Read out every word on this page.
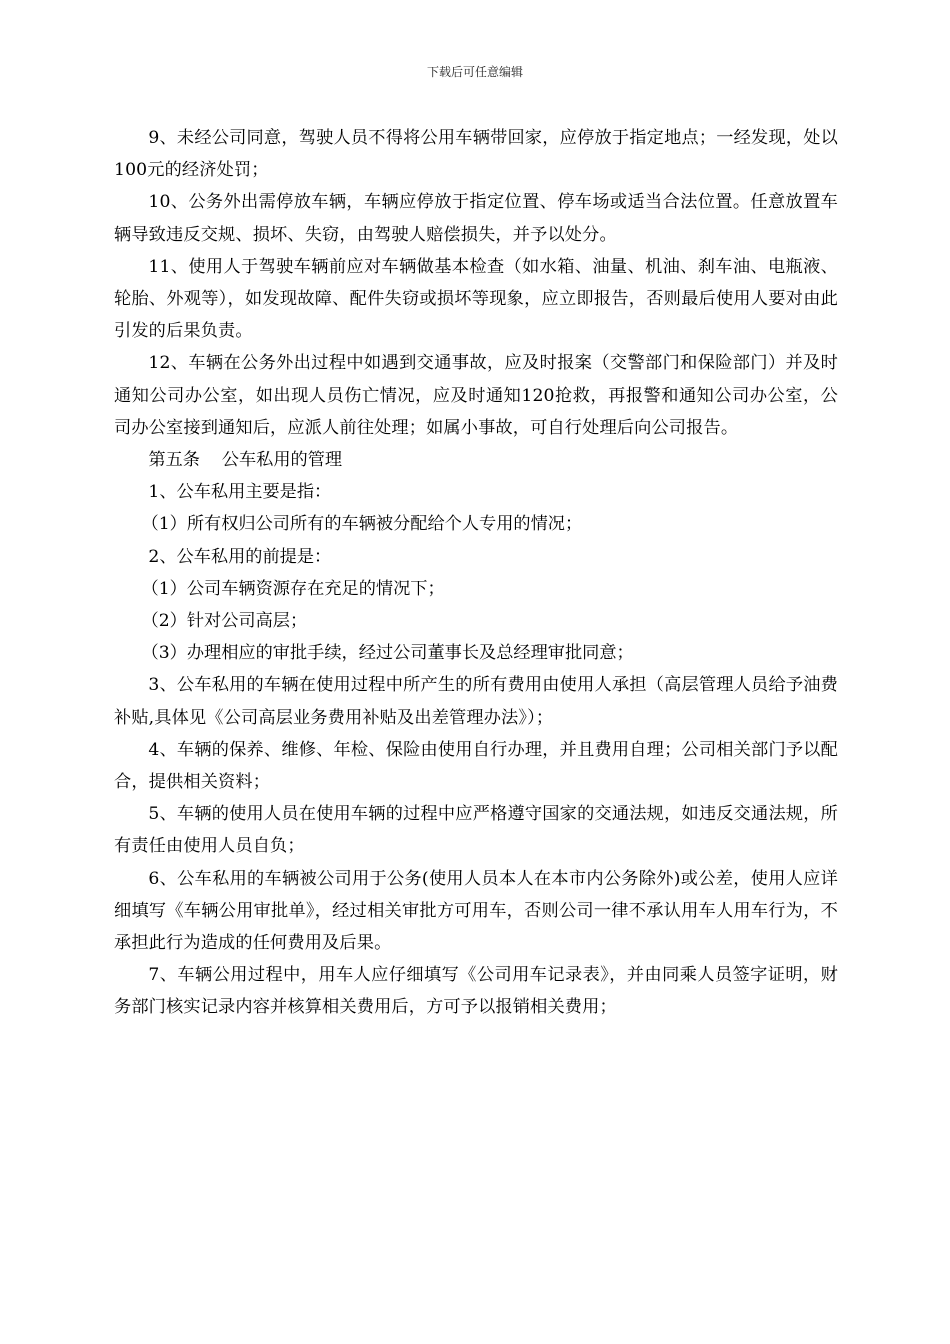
下载后可任意编辑

9、未经公司同意，驾驶人员不得将公用车辆带回家，应停放于指定地点；一经发现，处以100元的经济处罚；

10、公务外出需停放车辆，车辆应停放于指定位置、停车场或适当合法位置。任意放置车辆导致违反交规、损坏、失窃，由驾驶人赔偿损失，并予以处分。

11、使用人于驾驶车辆前应对车辆做基本检查（如水箱、油量、机油、刹车油、电瓶液、轮胎、外观等），如发现故障、配件失窃或损坏等现象，应立即报告，否则最后使用人要对由此引发的后果负责。

12、车辆在公务外出过程中如遇到交通事故，应及时报案（交警部门和保险部门）并及时通知公司办公室，如出现人员伤亡情况，应及时通知120抢救，再报警和通知公司办公室，公司办公室接到通知后，应派人前往处理；如属小事故，可自行处理后向公司报告。

第五条    公车私用的管理

1、公车私用主要是指：

（1）所有权归公司所有的车辆被分配给个人专用的情况；

2、公车私用的前提是：

（1）公司车辆资源存在充足的情况下；

（2）针对公司高层；

（3）办理相应的审批手续，经过公司董事长及总经理审批同意；

3、公车私用的车辆在使用过程中所产生的所有费用由使用人承担（高层管理人员给予油费补贴,具体见《公司高层业务费用补贴及出差管理办法》）；

4、车辆的保养、维修、年检、保险由使用自行办理，并且费用自理；公司相关部门予以配合，提供相关资料；

5、车辆的使用人员在使用车辆的过程中应严格遵守国家的交通法规，如违反交通法规，所有责任由使用人员自负；

6、公车私用的车辆被公司用于公务(使用人员本人在本市内公务除外)或公差，使用人应详细填写《车辆公用审批单》，经过相关审批方可用车，否则公司一律不承认用车人用车行为，不承担此行为造成的任何费用及后果。

7、车辆公用过程中，用车人应仔细填写《公司用车记录表》，并由同乘人员签字证明，财务部门核实记录内容并核算相关费用后，方可予以报销相关费用；
